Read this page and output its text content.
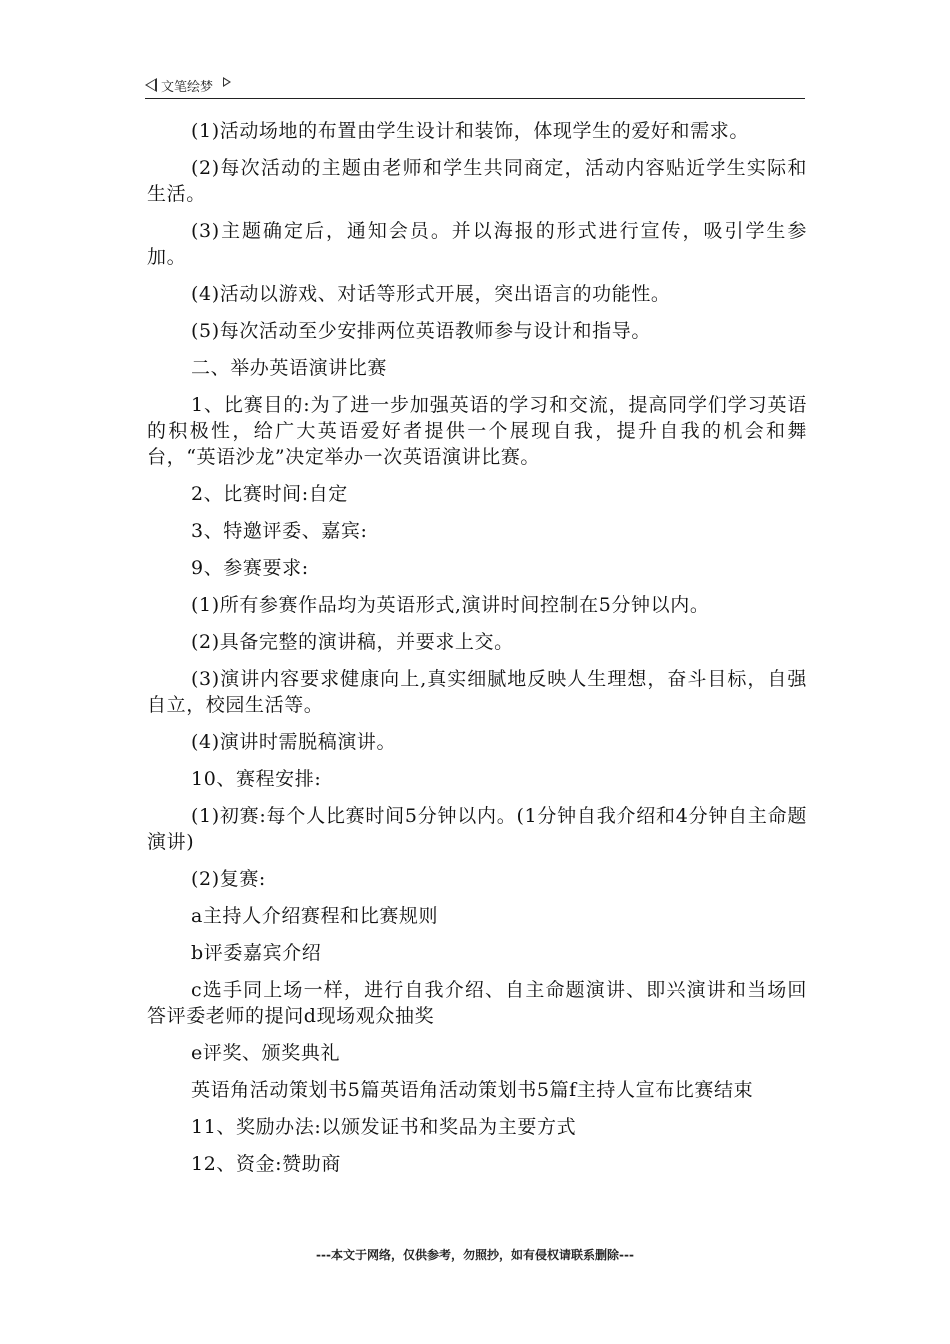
文笔绘梦

(1)活动场地的布置由学生设计和装饰，体现学生的爱好和需求。

(2)每次活动的主题由老师和学生共同商定，活动内容贴近学生实际和生活。

(3)主题确定后，通知会员。并以海报的形式进行宣传，吸引学生参加。

(4)活动以游戏、对话等形式开展，突出语言的功能性。

(5)每次活动至少安排两位英语教师参与设计和指导。

二、举办英语演讲比赛

1、比赛目的:为了进一步加强英语的学习和交流，提高同学们学习英语的积极性，给广大英语爱好者提供一个展现自我，提升自我的机会和舞台，“英语沙龙”决定举办一次英语演讲比赛。

2、比赛时间:自定

3、特邀评委、嘉宾:

9、参赛要求:

(1)所有参赛作品均为英语形式,演讲时间控制在5分钟以内。

(2)具备完整的演讲稿，并要求上交。

(3)演讲内容要求健康向上,真实细腻地反映人生理想，奋斗目标，自强自立，校园生活等。

(4)演讲时需脱稿演讲。

10、赛程安排:

(1)初赛:每个人比赛时间5分钟以内。(1分钟自我介绍和4分钟自主命题演讲)

(2)复赛:

a主持人介绍赛程和比赛规则

b评委嘉宾介绍

c选手同上场一样，进行自我介绍、自主命题演讲、即兴演讲和当场回答评委老师的提问d现场观众抽奖

e评奖、颁奖典礼

英语角活动策划书5篇英语角活动策划书5篇f主持人宣布比赛结束

11、奖励办法:以颁发证书和奖品为主要方式

12、资金:赞助商

---本文于网络，仅供参考，勿照抄，如有侵权请联系删除---
